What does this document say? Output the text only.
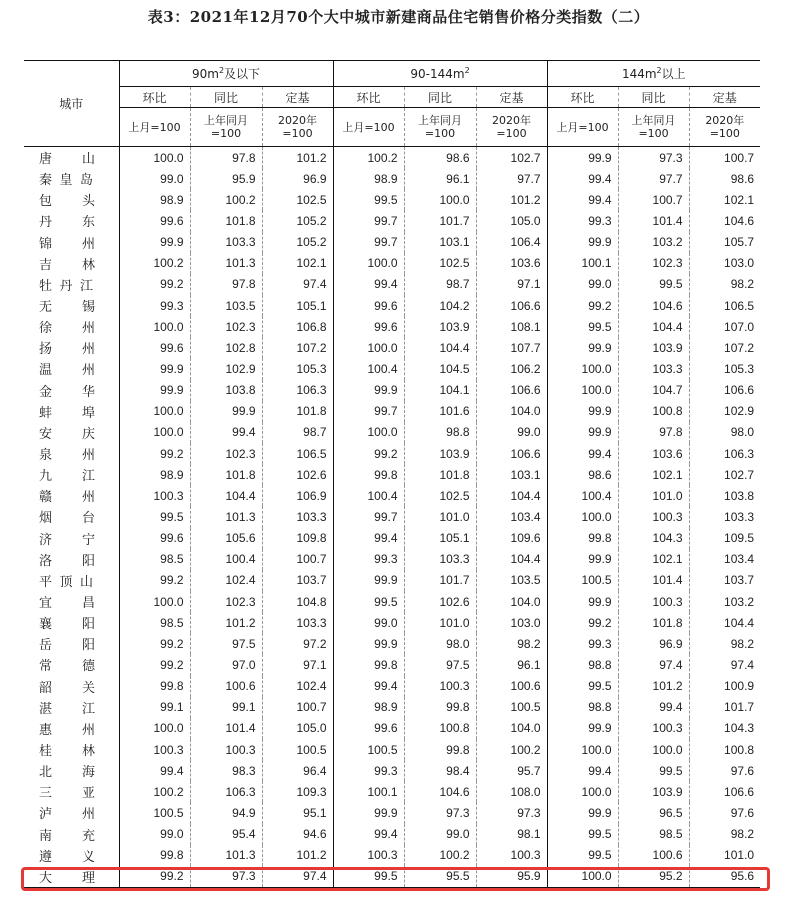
表3：2021年12月70个大中城市新建商品住宅销售价格分类指数（二）
城市	$90m^2$及以下			$90-144m^2$			$144m^2$以上		
	环比	同比	定基	环比	同比	定基	环比	同比	定基
	上月=100	上年同月=100	2020年=100	上月=100	上年同月=100	2020年=100	上月=100	上年同月=100	2020年=100

唐 山	100.0	97.8	101.2	100.2	98.6	102.7	99.9	97.3	100.7

秦 皇 岛	99.0	95.9	96.9	98.9	96.1	97.7	99.4	97.7	98.6

包 头	98.9	100.2	102.5	99.5	100.0	101.2	99.4	100.7	102.1

丹 东	99.6	101.8	105.2	99.7	101.7	105.0	99.3	101.4	104.6

锦 州	99.9	103.3	105.2	99.7	103.1	106.4	99.9	103.2	105.7

吉 林	100.2	101.3	102.1	100.0	102.5	103.6	100.1	102.3	103.0

牡 丹 江	99.2	97.8	97.4	99.4	98.7	97.1	99.0	99.5	98.2

无 锡	99.3	103.5	105.1	99.6	104.2	106.6	99.2	104.6	106.5

徐 州	100.0	102.3	106.8	99.6	103.9	108.1	99.5	104.4	107.0

扬 州	99.6	102.8	107.2	100.0	104.4	107.7	99.9	103.9	107.2

温 州	99.9	102.9	105.3	100.4	104.5	106.2	100.0	103.3	105.3

金 华	99.9	103.8	106.3	99.9	104.1	106.6	100.0	104.7	106.6

蚌 埠	100.0	99.9	101.8	99.7	101.6	104.0	99.9	100.8	102.9

安 庆	100.0	99.4	98.7	100.0	98.8	99.0	99.9	97.8	98.0

泉 州	99.2	102.3	106.5	99.2	103.9	106.6	99.4	103.6	106.3

九 江	98.9	101.8	102.6	99.8	101.8	103.1	98.6	102.1	102.7

赣 州	100.3	104.4	106.9	100.4	102.5	104.4	100.4	101.0	103.8

烟 台	99.5	101.3	103.3	99.7	101.0	103.4	100.0	100.3	103.3

济 宁	99.6	105.6	109.8	99.4	105.1	109.6	99.8	104.3	109.5

洛 阳	98.5	100.4	100.7	99.3	103.3	104.4	99.9	102.1	103.4

平 顶 山	99.2	102.4	103.7	99.9	101.7	103.5	100.5	101.4	103.7

宜 昌	100.0	102.3	104.8	99.5	102.6	104.0	99.9	100.3	103.2

襄 阳	98.5	101.2	103.3	99.0	101.0	103.0	99.2	101.8	104.4

岳 阳	99.2	97.5	97.2	99.9	98.0	98.2	99.3	96.9	98.2

常 德	99.2	97.0	97.1	99.8	97.5	96.1	98.8	97.4	97.4

韶 关	99.8	100.6	102.4	99.4	100.3	100.6	99.5	101.2	100.9

湛 江	99.1	99.1	100.7	98.9	99.8	100.5	98.8	99.4	101.7

惠 州	100.0	101.4	105.0	99.6	100.8	104.0	99.9	100.3	104.3

桂 林	100.3	100.3	100.5	100.5	99.8	100.2	100.0	100.0	100.8

北 海	99.4	98.3	96.4	99.3	98.4	95.7	99.4	99.5	97.6

三 亚	100.2	106.3	109.3	100.1	104.6	108.0	100.0	103.9	106.6

泸 州	100.5	94.9	95.1	99.9	97.3	97.3	99.9	96.5	97.6

南 充	99.0	95.4	94.6	99.4	99.0	98.1	99.5	98.5	98.2

遵 义	99.8	101.3	101.2	100.3	100.2	100.3	99.5	100.6	101.0

大 理	99.2	97.3	97.4	99.5	95.5	95.9	100.0	95.2	95.6
